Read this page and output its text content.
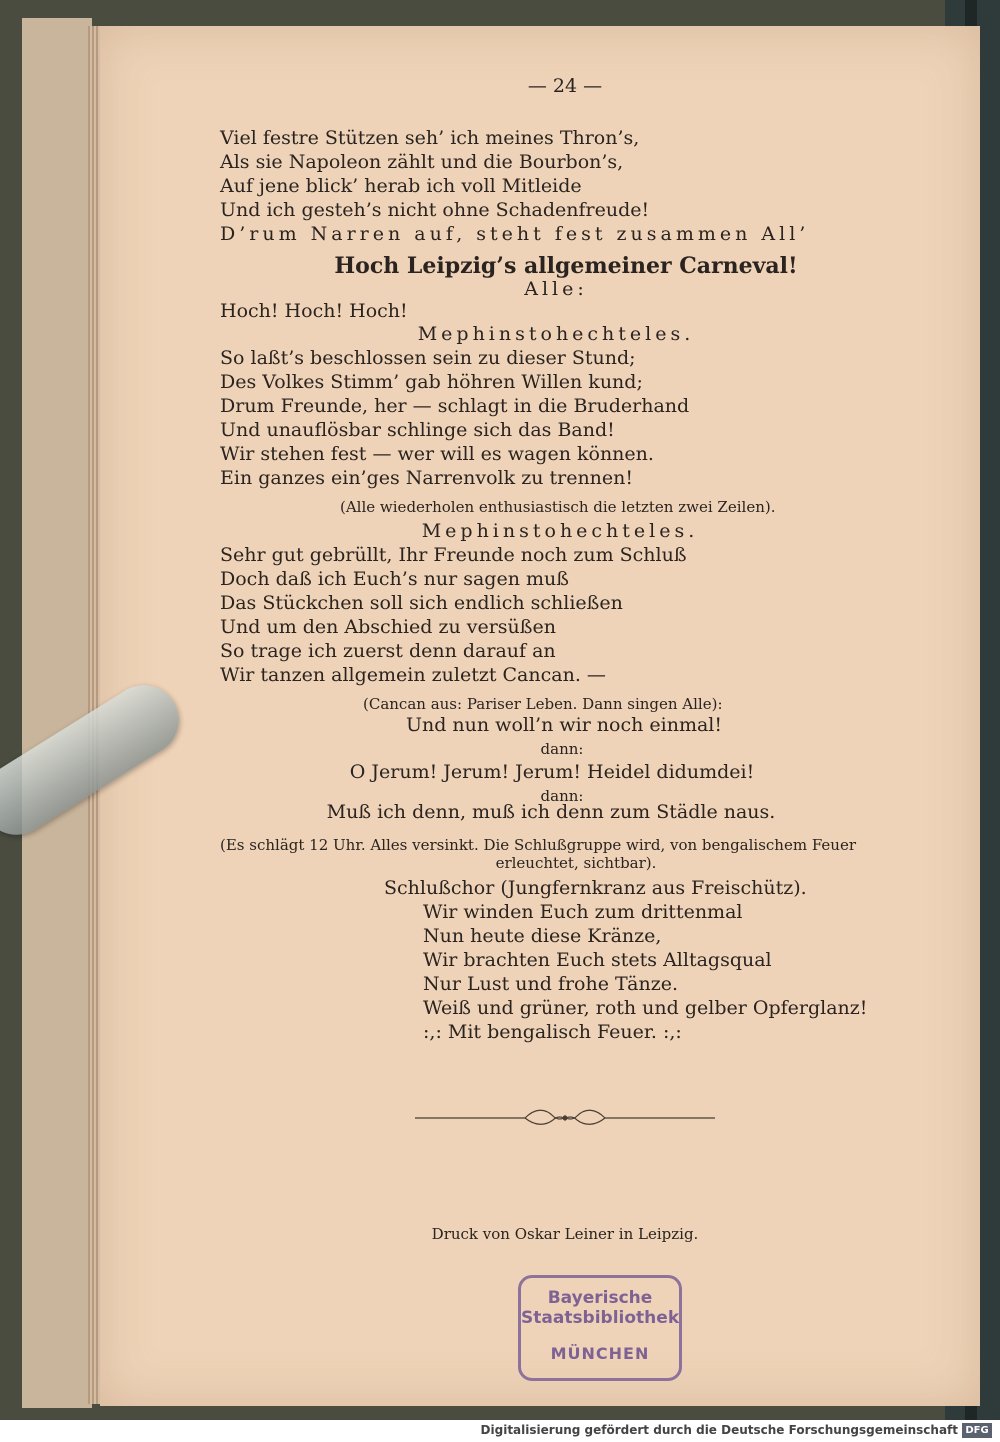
— 24 —
Viel festre Stützen seh’ ich meines Thron’s,
Als sie Napoleon zählt und die Bourbon’s,
Auf jene blick’ herab ich voll Mitleide
Und ich gesteh’s nicht ohne Schadenfreude!
D’rum Narren auf, steht fest zusammen All’
Hoch Leipzig’s allgemeiner Carneval!
Alle:
Hoch! Hoch! Hoch!
Mephinstohechteles.
So laßt’s beschlossen sein zu dieser Stund;
Des Volkes Stimm’ gab höhren Willen kund;
Drum Freunde, her — schlagt in die Bruderhand
Und unauflösbar schlinge sich das Band!
Wir stehen fest — wer will es wagen können.
Ein ganzes ein’ges Narrenvolk zu trennen!
(Alle wiederholen enthusiastisch die letzten zwei Zeilen).
Mephinstohechteles.
Sehr gut gebrüllt, Ihr Freunde noch zum Schluß
Doch daß ich Euch’s nur sagen muß
Das Stückchen soll sich endlich schließen
Und um den Abschied zu versüßen
So trage ich zuerst denn darauf an
Wir tanzen allgemein zuletzt Cancan. —
(Cancan aus: Pariser Leben. Dann singen Alle):
Und nun woll’n wir noch einmal!
dann:
O Jerum! Jerum! Jerum! Heidel didumdei!
dann:
Muß ich denn, muß ich denn zum Städle naus.
(Es schlägt 12 Uhr. Alles versinkt. Die Schlußgruppe wird, von bengalischem Feuer
erleuchtet, sichtbar).
Schlußchor (Jungfernkranz aus Freischütz).
Wir winden Euch zum drittenmal
Nun heute diese Kränze,
Wir brachten Euch stets Alltagsqual
Nur Lust und frohe Tänze.
Weiß und grüner, roth und gelber Opferglanz!
:,: Mit bengalisch Feuer. :,:
Druck von Oskar Leiner in Leipzig.
Bayerische
Staatsbibliothek
MÜNCHEN
Digitalisierung gefördert durch die Deutsche Forschungsgemeinschaft DFG
